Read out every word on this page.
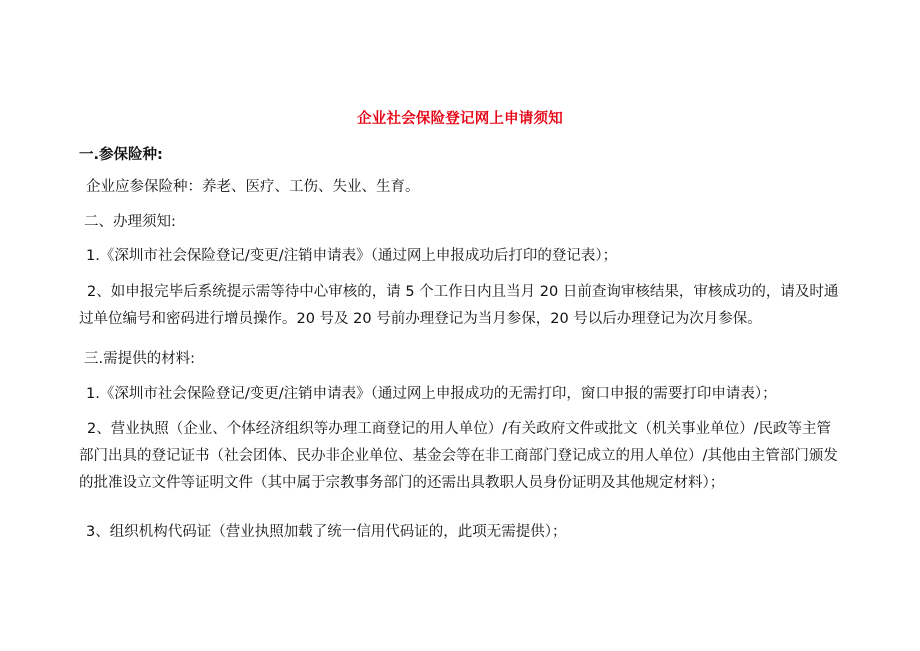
企业社会保险登记网上申请须知
一.参保险种:
企业应参保险种：养老、医疗、工伤、失业、生育。
二、办理须知:
1.《深圳市社会保险登记/变更/注销申请表》（通过网上申报成功后打印的登记表）；
2、如申报完毕后系统提示需等待中心审核的，请 5 个工作日内且当月 20 日前查询审核结果，审核成功的，请及时通过单位编号和密码进行增员操作。20 号及 20 号前办理登记为当月参保，20 号以后办理登记为次月参保。
三.需提供的材料:
1.《深圳市社会保险登记/变更/注销申请表》（通过网上申报成功的无需打印，窗口申报的需要打印申请表）；
2、营业执照（企业、个体经济组织等办理工商登记的用人单位）/有关政府文件或批文（机关事业单位）/民政等主管部门出具的登记证书（社会团体、民办非企业单位、基金会等在非工商部门登记成立的用人单位）/其他由主管部门颁发的批准设立文件等证明文件（其中属于宗教事务部门的还需出具教职人员身份证明及其他规定材料）；
3、组织机构代码证（营业执照加载了统一信用代码证的，此项无需提供）；
